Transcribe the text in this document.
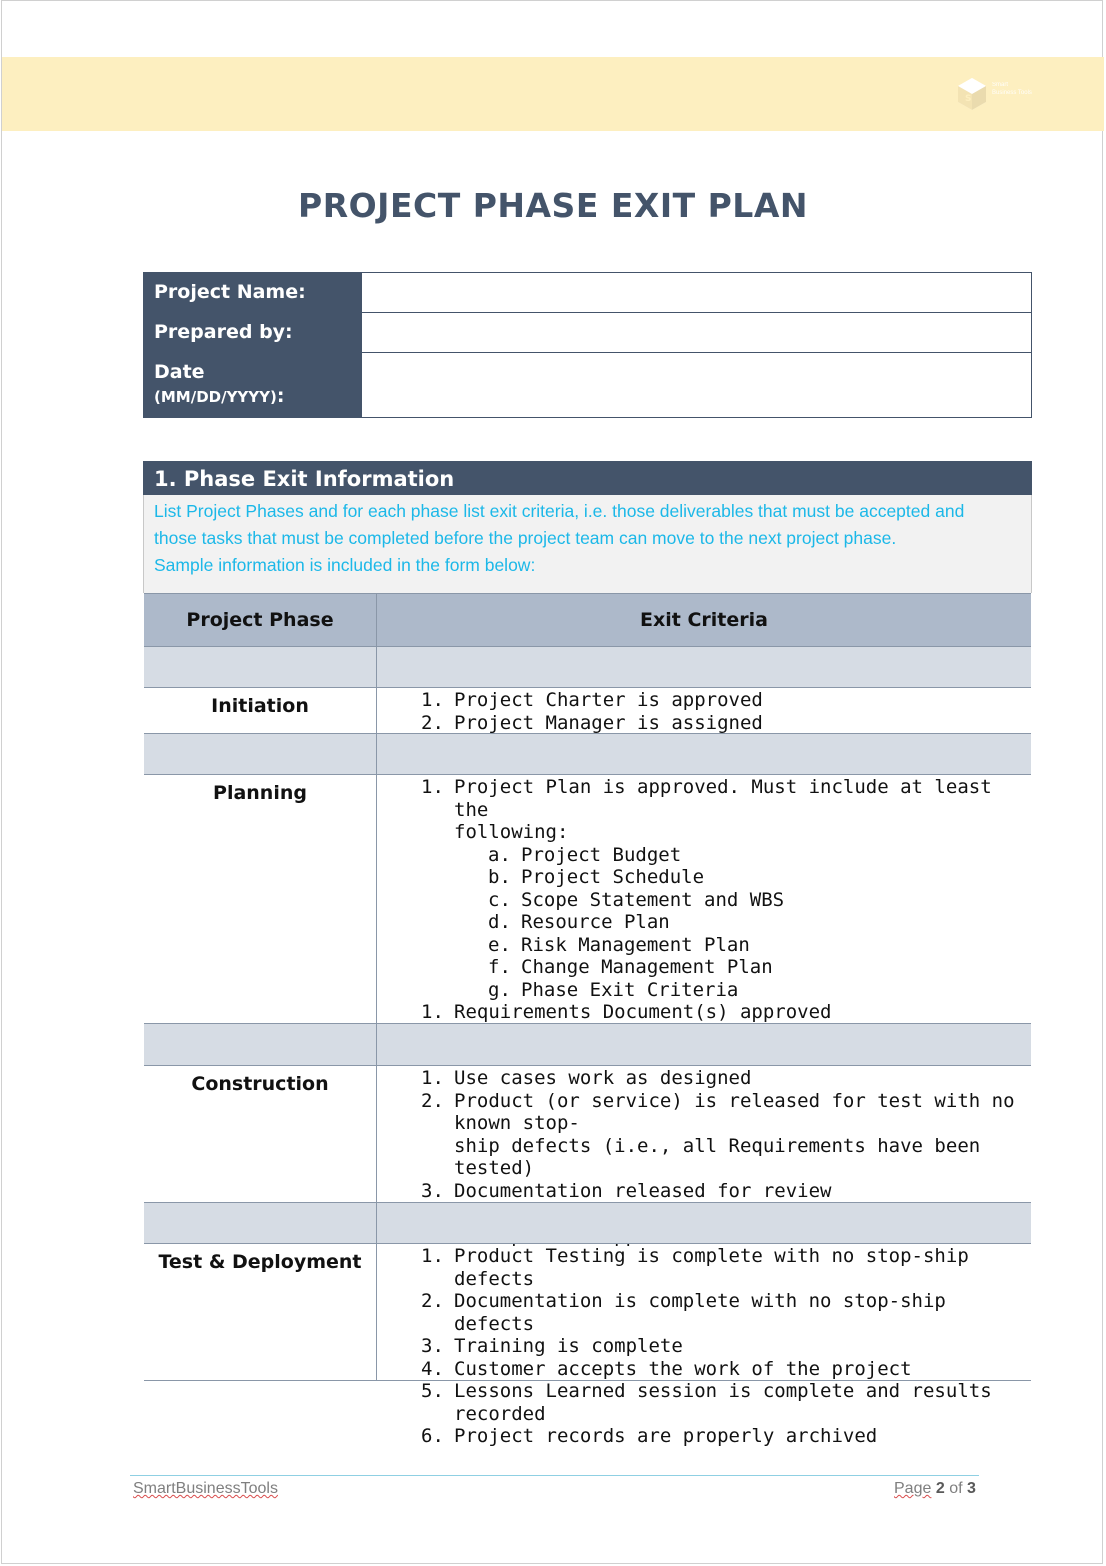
S
Smart Business Tools
PROJECT PHASE EXIT PLAN
Project Name:
Prepared by:
Date
(MM/DD/YYYY):
1. Phase Exit Information
List Project Phases and for each phase list exit criteria, i.e. those deliverables that must be accepted and
those tasks that must be completed before the project team can move to the next project phase.
Sample information is included in the form below:
Project Phase	Exit Criteria
Initiation	1. Project Charter is approved
2. Project Manager is assigned
Planning	1. Project Plan is approved. Must include at least the
following:
a. Project Budget
b. Project Schedule
c. Scope Statement and WBS
d. Resource Plan
e. Risk Management Plan
f. Change Management Plan
g. Phase Exit Criteria
1. Requirements Document(s) approved
Construction	1. Use cases work as designed
2. Product (or service) is released for test with no known stop-
ship defects (i.e., all Requirements have been tested)
3. Documentation released for review
Test & Deployment	1. Product Testing is complete with no stop-ship defects
2. Documentation is complete with no stop-ship defects
3. Training is complete
4. Customer accepts the work of the project
5. Lessons Learned session is complete and results recorded
6. Project records are properly archived
SmartBusinessTools	Page 2 of 3
